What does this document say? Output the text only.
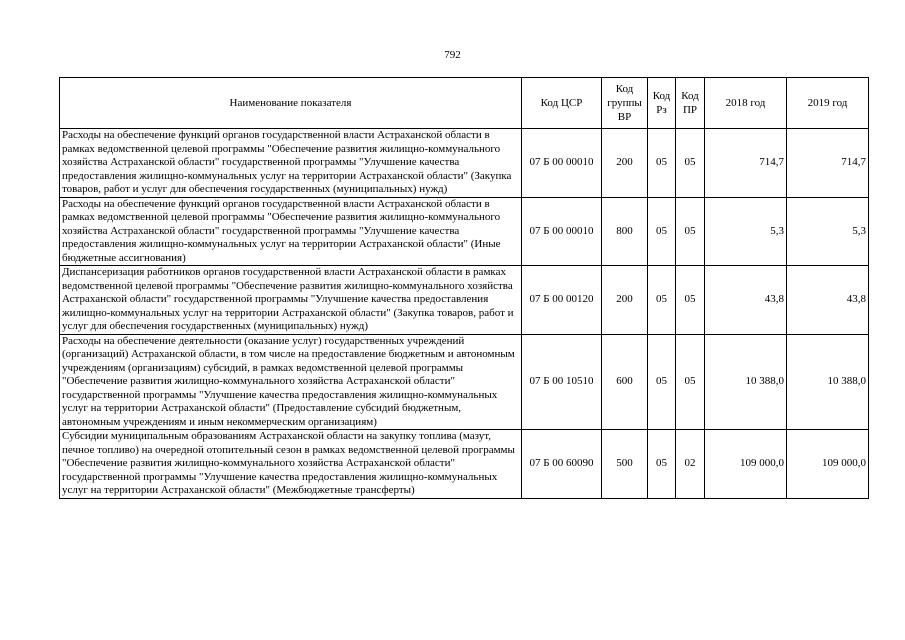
792
Наименование показателя	Код ЦСР	Код группы ВР	Код Рз	Код ПР	2018 год	2019 год
Расходы на обеспечение функций органов государственной власти Астраханской области в рамках ведомственной целевой программы "Обеспечение развития жилищно-коммунального хозяйства Астраханской области" государственной программы "Улучшение качества предоставления жилищно-коммунальных услуг на территории Астраханской области" (Закупка товаров, работ и услуг для обеспечения государственных (муниципальных) нужд)	07 Б 00 00010	200	05	05	714,7	714,7
Расходы на обеспечение функций органов государственной власти Астраханской области в рамках ведомственной целевой программы "Обеспечение развития жилищно-коммунального хозяйства Астраханской области" государственной программы "Улучшение качества предоставления жилищно-коммунальных услуг на территории Астраханской области" (Иные бюджетные ассигнования)	07 Б 00 00010	800	05	05	5,3	5,3
Диспансеризация работников органов государственной власти Астраханской области в рамках ведомственной целевой программы "Обеспечение развития жилищно-коммунального хозяйства Астраханской области" государственной программы "Улучшение качества предоставления жилищно-коммунальных услуг на территории Астраханской области" (Закупка товаров, работ и услуг для обеспечения государственных (муниципальных) нужд)	07 Б 00 00120	200	05	05	43,8	43,8
Расходы на обеспечение деятельности (оказание услуг) государственных учреждений (организаций) Астраханской области, в том числе на предоставление бюджетным и автономным учреждениям (организациям) субсидий, в рамках ведомственной целевой программы "Обеспечение развития жилищно-коммунального хозяйства Астраханской области" государственной программы "Улучшение качества предоставления жилищно-коммунальных услуг на территории Астраханской области" (Предоставление субсидий бюджетным, автономным учреждениям и иным некоммерческим организациям)	07 Б 00 10510	600	05	05	10 388,0	10 388,0
Субсидии муниципальным образованиям Астраханской области на закупку топлива (мазут, печное топливо) на очередной отопительный сезон в рамках ведомственной целевой программы "Обеспечение развития жилищно-коммунального хозяйства Астраханской области" государственной программы "Улучшение качества предоставления жилищно-коммунальных услуг на территории Астраханской области" (Межбюджетные трансферты)	07 Б 00 60090	500	05	02	109 000,0	109 000,0
